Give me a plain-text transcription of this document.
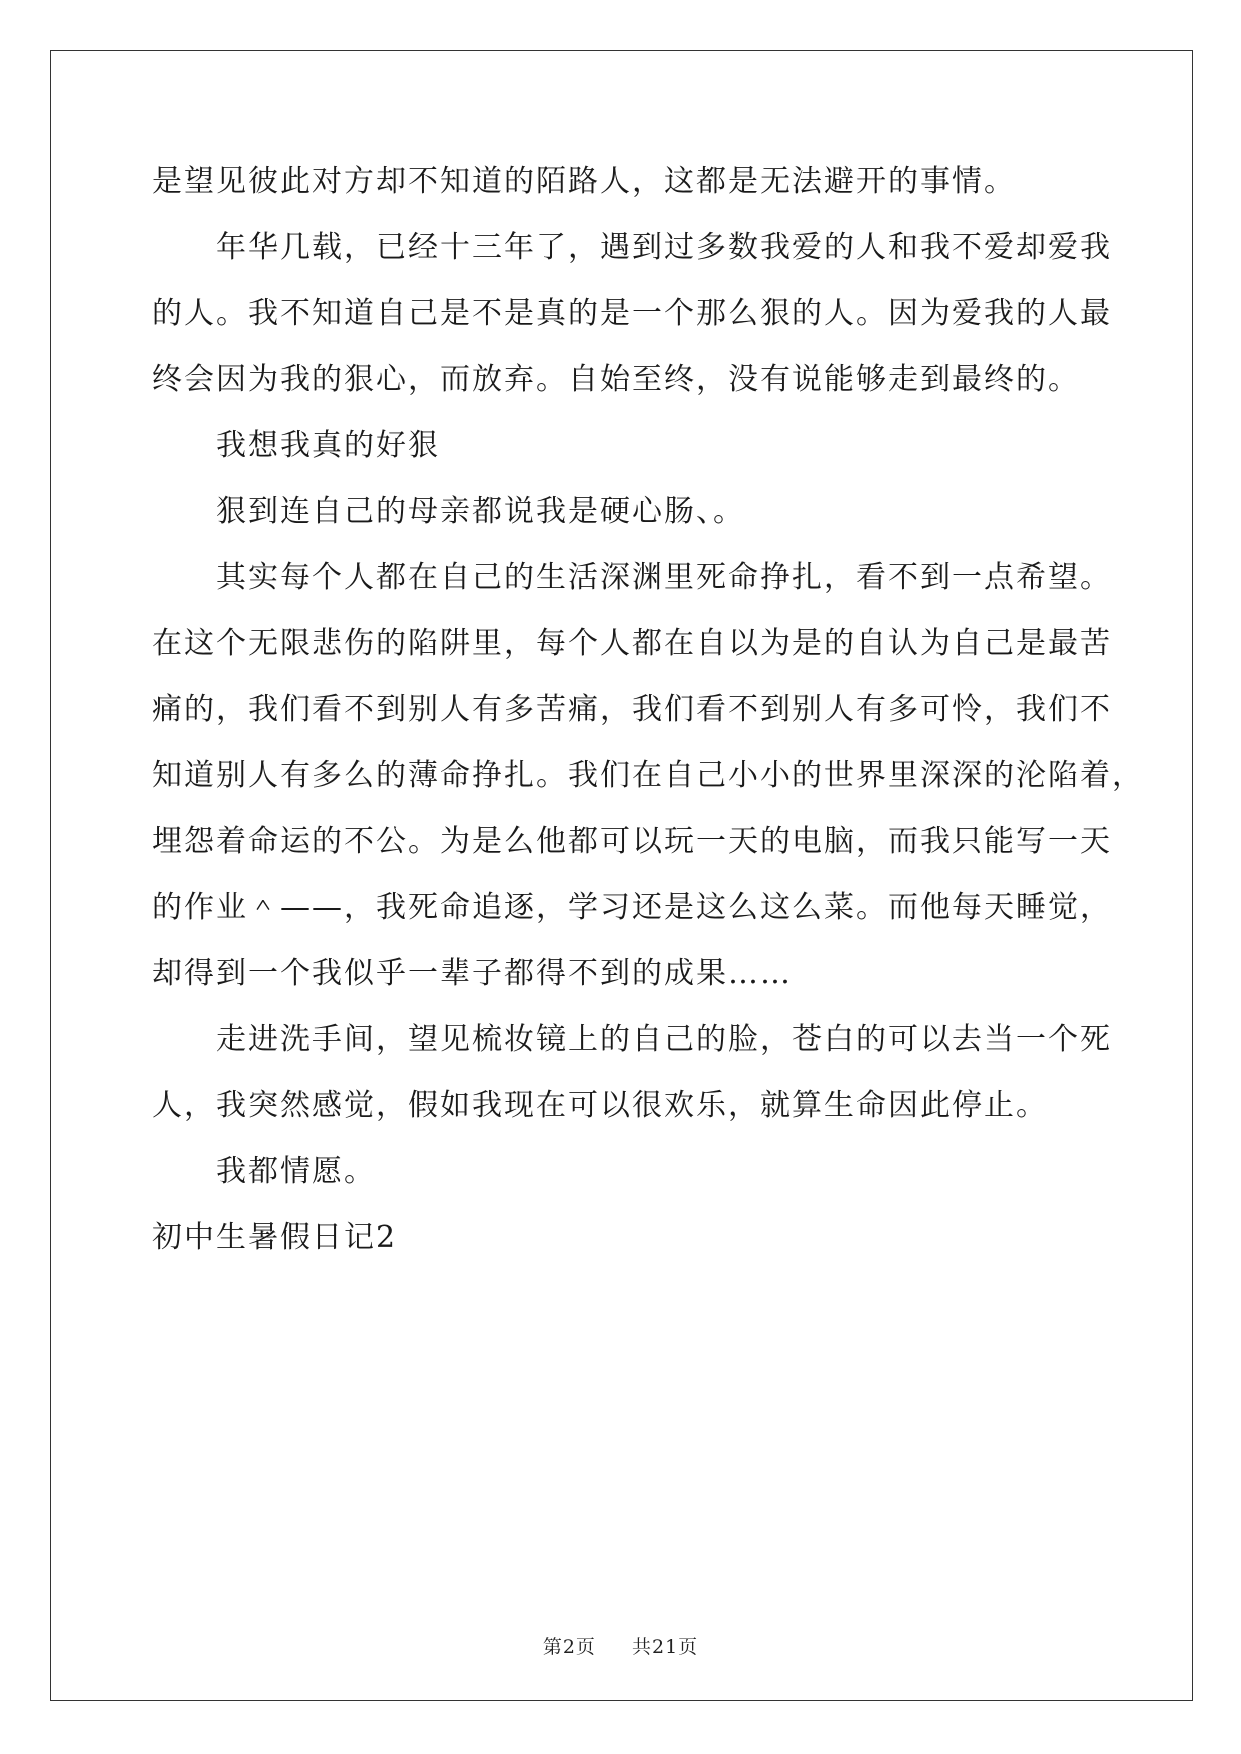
是望见彼此对方却不知道的陌路人，这都是无法避开的事情。
年华几载，已经十三年了，遇到过多数我爱的人和我不爱却爱我
的人。我不知道自己是不是真的是一个那么狠的人。因为爱我的人最
终会因为我的狠心，而放弃。自始至终，没有说能够走到最终的。
我想我真的好狠
狠到连自己的母亲都说我是硬心肠、。
其实每个人都在自己的生活深渊里死命挣扎，看不到一点希望。
在这个无限悲伤的陷阱里，每个人都在自以为是的自认为自己是最苦
痛的，我们看不到别人有多苦痛，我们看不到别人有多可怜，我们不
知道别人有多么的薄命挣扎。我们在自己小小的世界里深深的沦陷着，
埋怨着命运的不公。为是么他都可以玩一天的电脑，而我只能写一天
的作业＾——，我死命追逐，学习还是这么这么菜。而他每天睡觉，
却得到一个我似乎一辈子都得不到的成果……
走进洗手间，望见梳妆镜上的自己的脸，苍白的可以去当一个死
人，我突然感觉，假如我现在可以很欢乐，就算生命因此停止。
我都情愿。
初中生暑假日记2
第2页 共21页
